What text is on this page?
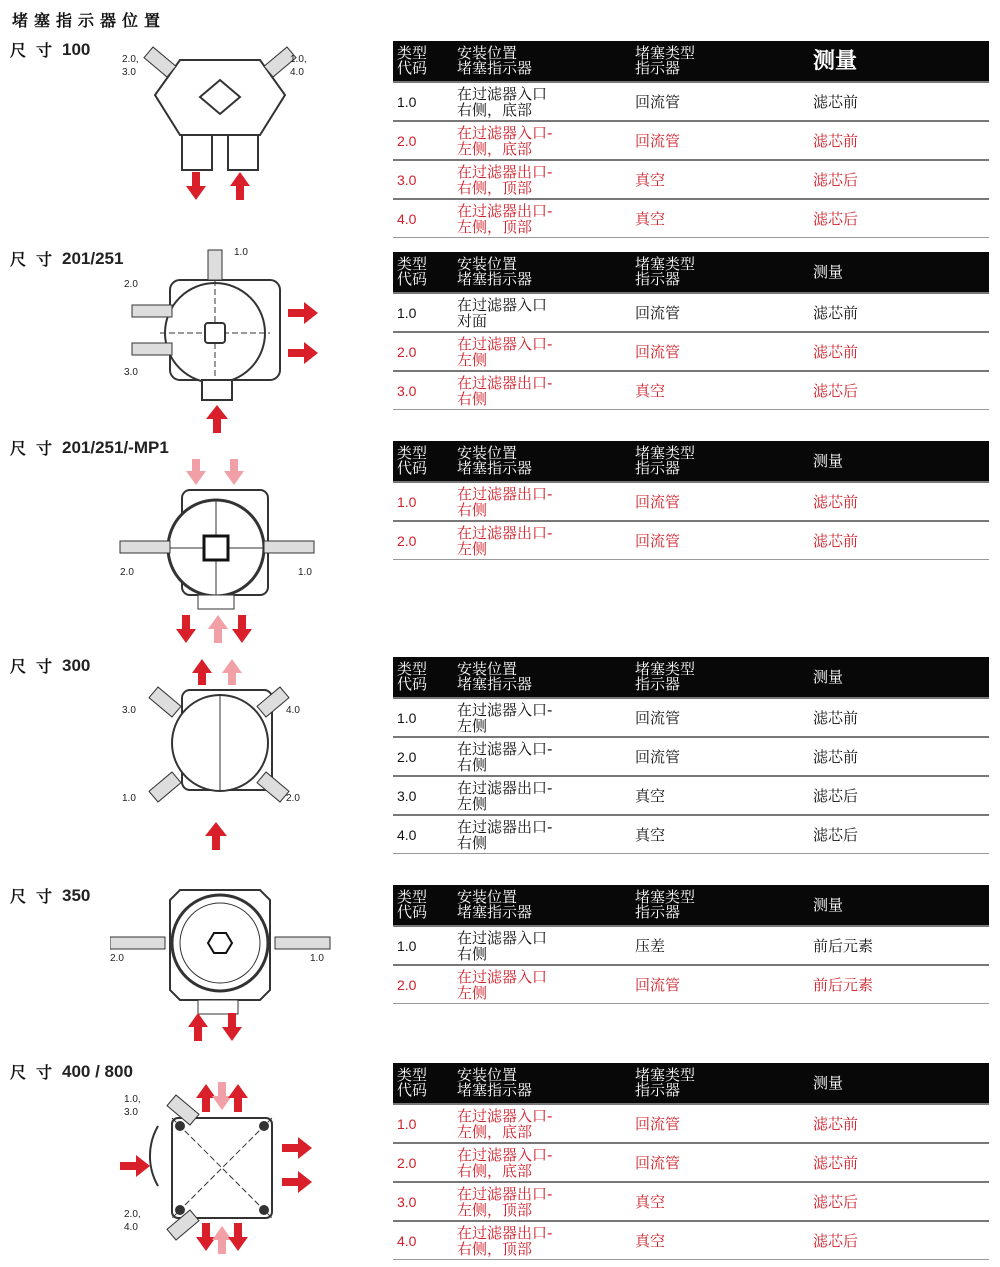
堵塞指示器位置
尺寸 100
尺寸 201/251
尺寸 201/251/-MP1
尺寸 300
尺寸 350
尺寸 400 / 800
2.0,
3.0
1.0,
4.0
1.0
2.0
3.0
2.0	1.0
3.0	4.0
1.0	2.0
2.0	1.0
1.0,
3.0
2.0,
4.0
类型
代码
安装位置
堵塞指示器
堵塞类型
指示器	测量
1.0	在过滤器入口
右侧，底部	回流管	滤芯前
2.0	在过滤器入口-
左侧，底部	回流管	滤芯前
3.0	在过滤器出口-
右侧，顶部	真空	滤芯后
4.0	在过滤器出口-
左侧，顶部	真空	滤芯后
类型
代码
安装位置
堵塞指示器
堵塞类型
指示器	测量
1.0	在过滤器入口
对面	回流管	滤芯前
2.0	在过滤器入口-
左侧	回流管	滤芯前
3.0	在过滤器出口-
右侧	真空	滤芯后
类型
代码
安装位置
堵塞指示器
堵塞类型
指示器	测量
1.0	在过滤器出口-
右侧	回流管	滤芯前
2.0	在过滤器出口-
左侧	回流管	滤芯前
类型
代码
安装位置
堵塞指示器
堵塞类型
指示器	测量
1.0	在过滤器入口-
左侧	回流管	滤芯前
2.0	在过滤器入口-
右侧	回流管	滤芯前
3.0	在过滤器出口-
左侧	真空	滤芯后
4.0	在过滤器出口-
右侧	真空	滤芯后
类型
代码
安装位置
堵塞指示器
堵塞类型
指示器	测量
1.0	在过滤器入口
右侧	压差	前后元素
2.0	在过滤器入口
左侧	回流管	前后元素
类型
代码
安装位置
堵塞指示器
堵塞类型
指示器	测量
1.0	在过滤器入口-
左侧，底部	回流管	滤芯前
2.0	在过滤器入口-
右侧，底部	回流管	滤芯前
3.0	在过滤器出口-
左侧，顶部	真空	滤芯后
4.0	在过滤器出口-
右侧，顶部	真空	滤芯后
